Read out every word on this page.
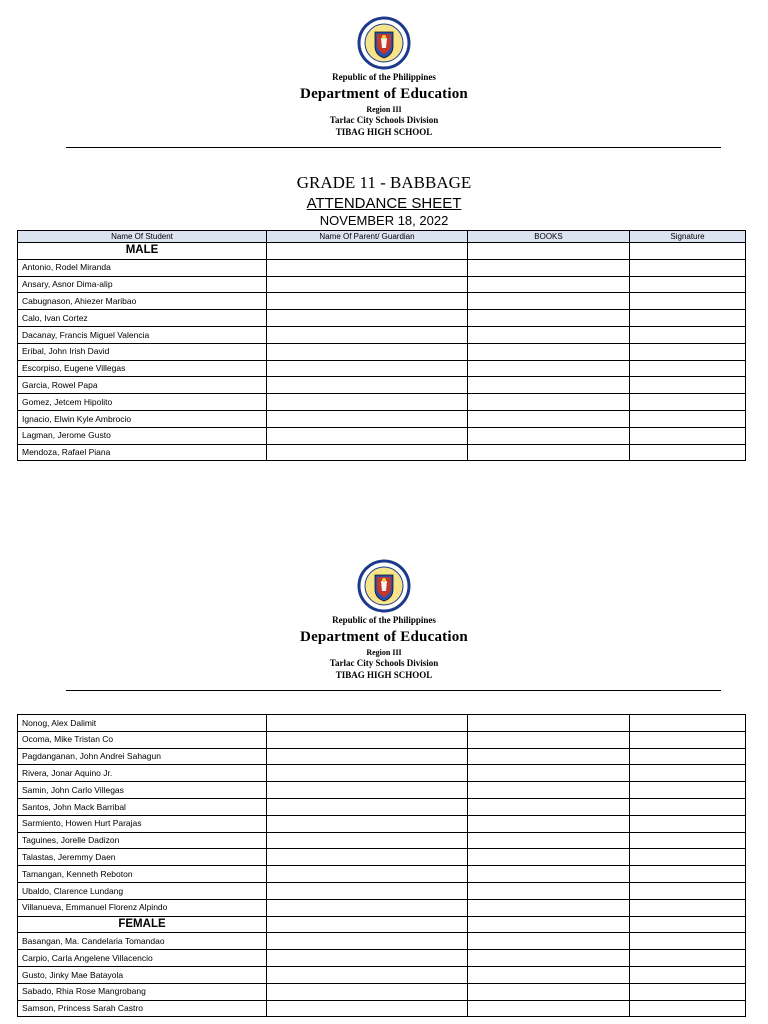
Republic of the Philippines
Department of Education
Region III
Tarlac City Schools Division
TIBAG HIGH SCHOOL
GRADE 11 - BABBAGE
ATTENDANCE SHEET
NOVEMBER 18, 2022
Name Of Student	Name Of Parent/ Guardian	BOOKS	Signature
MALE			
Antonio, Rodel Miranda			
Ansary, Asnor Dima-alip			
Cabugnason, Ahiezer Maribao			
Calo, Ivan Cortez			
Dacanay, Francis Miguel Valencia			
Eribal, John Irish David			
Escorpiso, Eugene Villegas			
Garcia, Rowel Papa			
Gomez, Jetcem Hipolito			
Ignacio, Elwin Kyle Ambrocio			
Lagman, Jerome Gusto			
Mendoza, Rafael Piana			
Republic of the Philippines
Department of Education
Region III
Tarlac City Schools Division
TIBAG HIGH SCHOOL
Nonog, Alex Dalimit			
Ocoma, Mike Tristan Co			
Pagdanganan, John Andrei Sahagun			
Rivera, Jonar Aquino Jr.			
Samin, John Carlo Villegas			
Santos, John Mack Barribal			
Sarmiento, Howen Hurt Parajas			
Taguines, Jorelle Dadizon			
Talastas, Jeremmy Daen			
Tamangan, Kenneth Reboton			
Ubaldo, Clarence Lundang			
Villanueva, Emmanuel Florenz Alpindo			
FEMALE			
Basangan, Ma. Candelaria Tomandao			
Carpio, Carla Angelene Villacencio			
Gusto, Jinky Mae Batayola			
Sabado, Rhia Rose Mangrobang			
Samson, Princess Sarah Castro			
